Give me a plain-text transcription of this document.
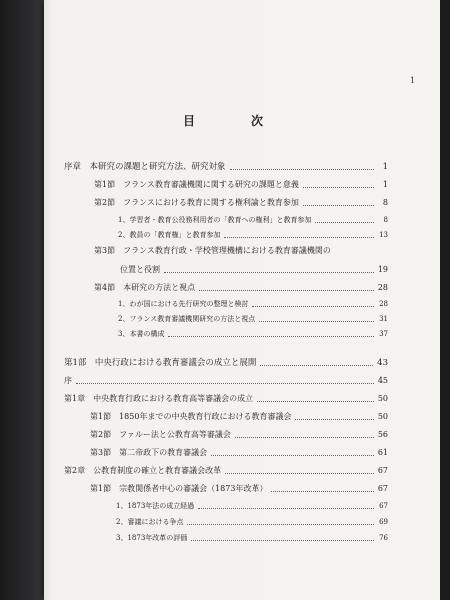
1
目　次
序章　本研究の課題と研究方法、研究対象	1
第1節　フランス教育審議機関に関する研究の課題と意義	1
第2節　フランスにおける教育に関する権利論と教育参加	8
1、学習者・教育公役務利用者の「教育への権利」と教育参加	8
2、教員の「教育権」と教育参加	13
第3節　フランス教育行政・学校管理機構における教育審議機関の
位置と役割	19
第4節　本研究の方法と視点	28
1、わが国における先行研究の整理と検討	28
2、フランス教育審議機関研究の方法と視点	31
3、本書の構成	37
第1部　中央行政における教育審議会の成立と展開	43
序	45
第1章　中央教育行政における教育高等審議会の成立	50
第1節　1850年までの中央教育行政における教育審議会	50
第2節　ファルー法と公教育高等審議会	56
第3節　第二帝政下の教育審議会	61
第2章　公教育制度の確立と教育審議会改革	67
第1節　宗教関係者中心の審議会（1873年改革）	67
1、1873年法の成立経過	67
2、審議における争点	69
3、1873年改革の評価	76
